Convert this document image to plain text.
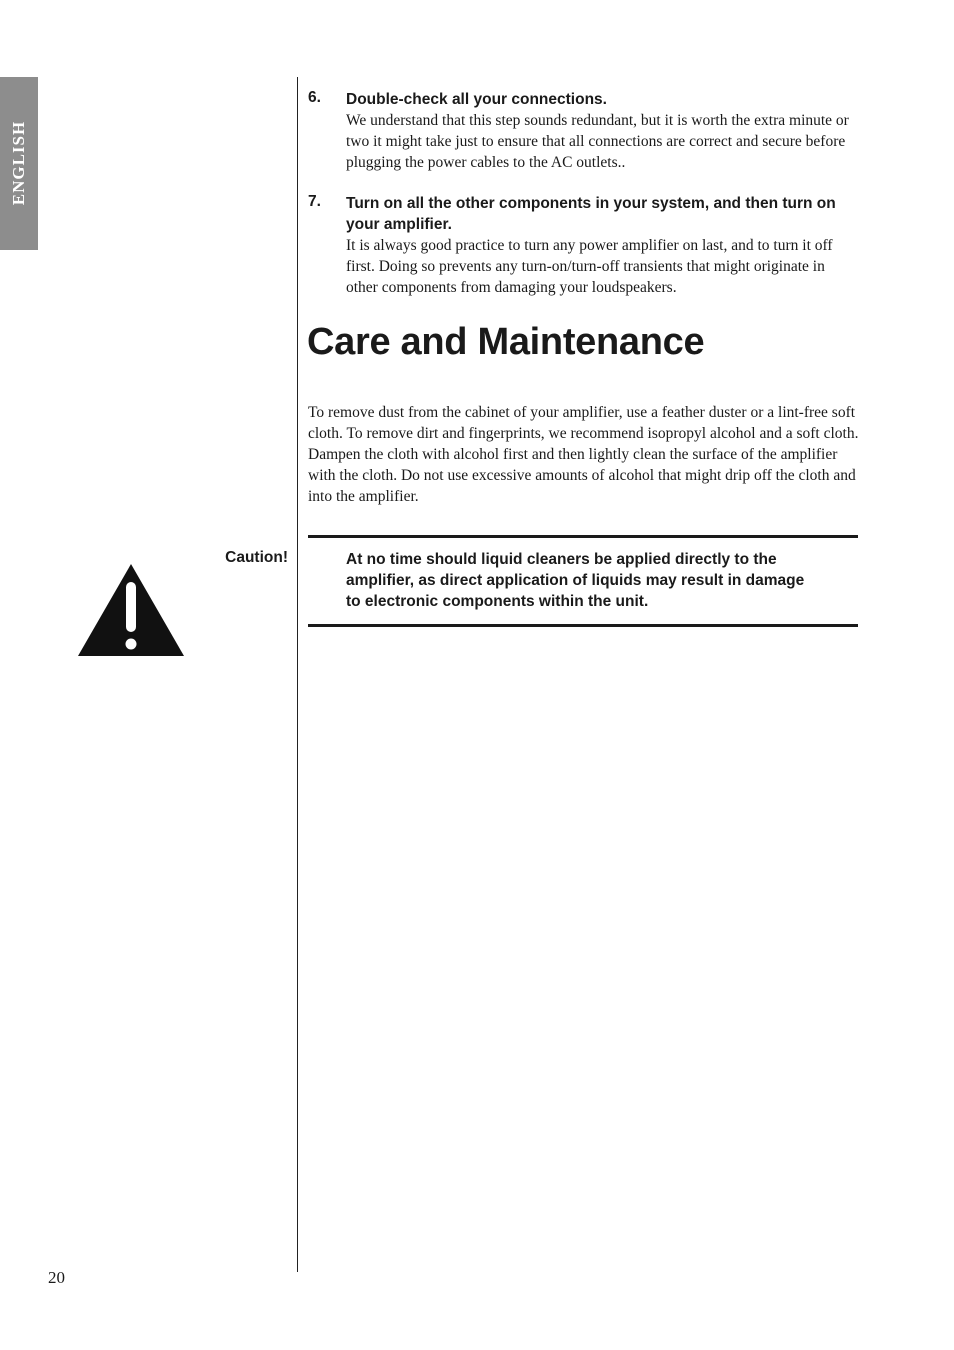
ENGLISH
6. Double-check all your connections.
We understand that this step sounds redundant, but it is worth the extra minute or two it might take just to ensure that all connections are correct and secure before plugging the power cables to the AC outlets..
7. Turn on all the other components in your system, and then turn on your amplifier.
It is always good practice to turn any power amplifier on last, and to turn it off first. Doing so prevents any turn-on/turn-off transients that might originate in other components from damaging your loudspeakers.
Care and Maintenance

To remove dust from the cabinet of your amplifier, use a feather duster or a lint-free soft cloth. To remove dirt and fingerprints, we recommend isopropyl alcohol and a soft cloth. Dampen the cloth with alcohol first and then lightly clean the surface of the amplifier with the cloth. Do not use excessive amounts of alcohol that might drip off the cloth and into the amplifier.

Caution!	At no time should liquid cleaners be applied directly to the amplifier, as direct application of liquids may result in damage to electronic components within the unit.
20
